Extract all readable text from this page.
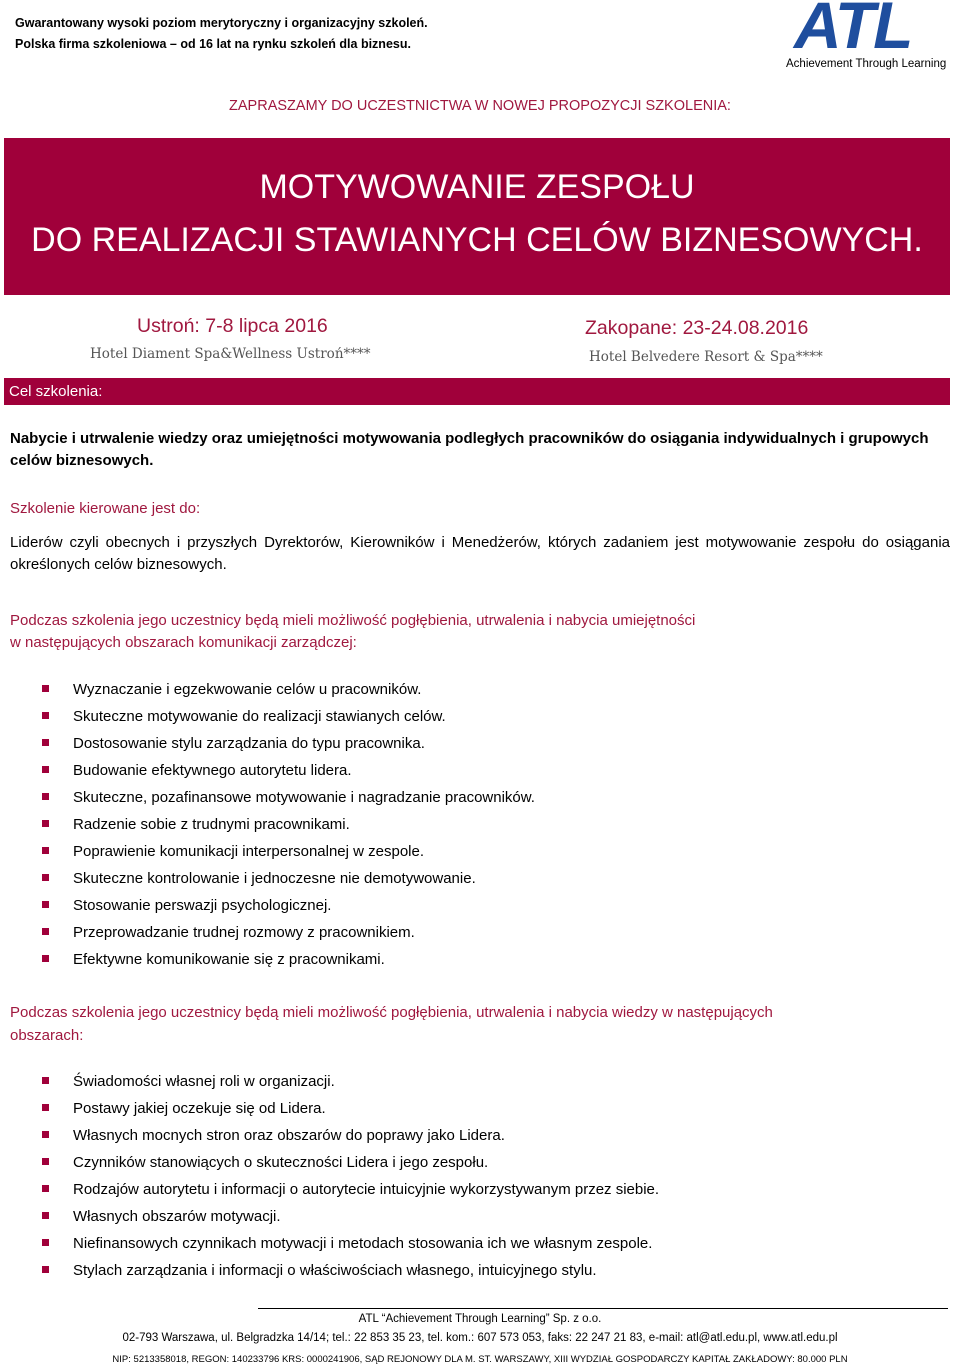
Gwarantowany wysoki poziom merytoryczny i organizacyjny szkoleń.
Polska firma szkoleniowa – od 16 lat na rynku szkoleń dla biznesu.	ATL
Achievement Through Learning
ZAPRASZAMY DO UCZESTNICTWA W NOWEJ PROPOZYCJI SZKOLENIA:
MOTYWOWANIE ZESPOŁU
DO REALIZACJI STAWIANYCH CELÓW BIZNESOWYCH.
Ustroń: 7-8 lipca 2016
Hotel Diament Spa&Wellness Ustroń****
Zakopane: 23-24.08.2016
Hotel Belvedere Resort & Spa****
Cel szkolenia:
Nabycie i utrwalenie wiedzy oraz umiejętności motywowania podległych pracowników do osiągania indywidualnych i grupowych celów biznesowych.
Szkolenie kierowane jest do:
Liderów czyli obecnych i przyszłych Dyrektorów, Kierowników i Menedżerów, których zadaniem jest motywowanie zespołu do osiągania określonych celów biznesowych.
Podczas szkolenia jego uczestnicy będą mieli możliwość pogłębienia, utrwalenia i nabycia umiejętności
w następujących obszarach komunikacji zarządczej:
Wyznaczanie i egzekwowanie celów u pracowników.
Skuteczne motywowanie do realizacji stawianych celów.
Dostosowanie stylu zarządzania do typu pracownika.
Budowanie efektywnego autorytetu lidera.
Skuteczne, pozafinansowe motywowanie i nagradzanie pracowników.
Radzenie sobie z trudnymi pracownikami.
Poprawienie komunikacji interpersonalnej w zespole.
Skuteczne kontrolowanie i jednoczesne nie demotywowanie.
Stosowanie perswazji psychologicznej.
Przeprowadzanie trudnej rozmowy z pracownikiem.
Efektywne komunikowanie się z pracownikami.
Podczas szkolenia jego uczestnicy będą mieli możliwość pogłębienia, utrwalenia i nabycia wiedzy w następujących
obszarach:
Świadomości własnej roli w organizacji.
Postawy jakiej oczekuje się od Lidera.
Własnych mocnych stron oraz obszarów do poprawy jako Lidera.
Czynników stanowiących o skuteczności Lidera i jego zespołu.
Rodzajów autorytetu i informacji o autorytecie intuicyjnie wykorzystywanym przez siebie.
Własnych obszarów motywacji.
Niefinansowych czynnikach motywacji i metodach stosowania ich we własnym zespole.
Stylach zarządzania i informacji o właściwościach własnego, intuicyjnego stylu.
ATL “Achievement Through Learning” Sp. z o.o.
02-793 Warszawa, ul. Belgradzka 14/14; tel.: 22 853 35 23, tel. kom.: 607 573 053, faks: 22 247 21 83, e-mail: atl@atl.edu.pl, www.atl.edu.pl
NIP: 5213358018, REGON: 140233796 KRS: 0000241906, SĄD REJONOWY DLA M. ST. WARSZAWY, XIII WYDZIAŁ GOSPODARCZY KAPITAŁ ZAKŁADOWY: 80.000 PLN
